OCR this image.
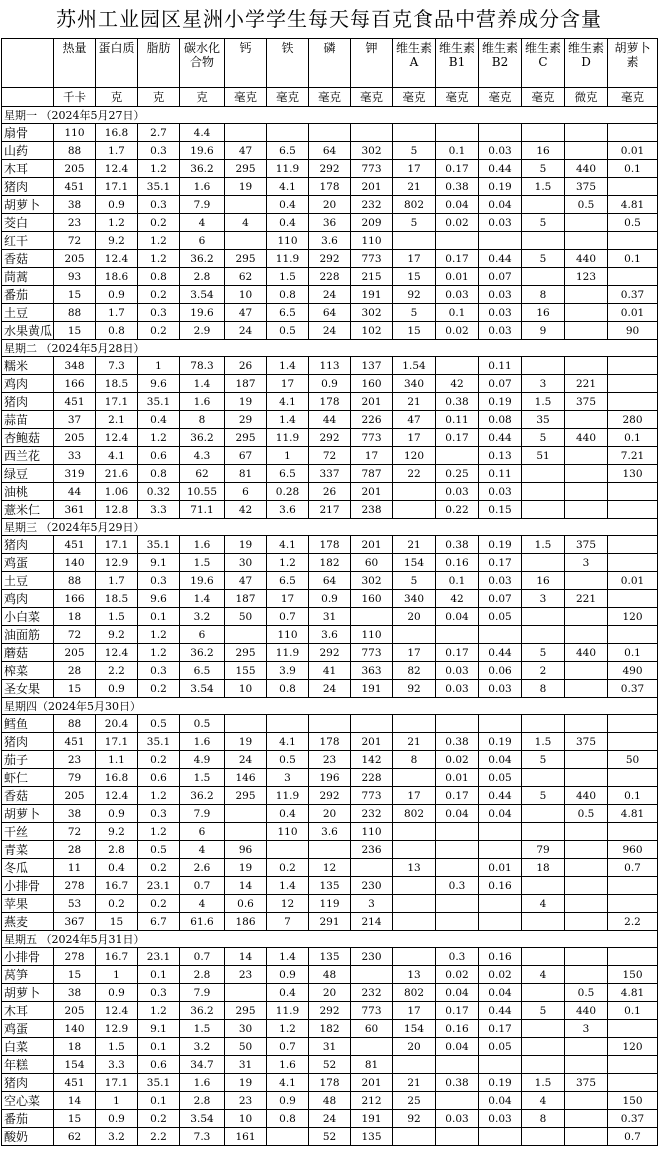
苏州工业园区星洲小学学生每天每百克食品中营养成分含量
	热量	蛋白质	脂肪	碳水化合物	钙	铁	磷	钾	维生素A	维生素B1	维生素B2	维生素C	维生素D	胡萝卜素
	千卡	克	克	克	毫克	毫克	毫克	毫克	毫克	毫克	毫克	毫克	微克	毫克
星期一 （2024年5月27日）														
扇骨	110	16.8	2.7	4.4										
山药	88	1.7	0.3	19.6	47	6.5	64	302	5	0.1	0.03	16		0.01
木耳	205	12.4	1.2	36.2	295	11.9	292	773	17	0.17	0.44	5	440	0.1
猪肉	451	17.1	35.1	1.6	19	4.1	178	201	21	0.38	0.19	1.5	375	
胡萝卜	38	0.9	0.3	7.9		0.4	20	232	802	0.04	0.04		0.5	4.81
茭白	23	1.2	0.2	4	4	0.4	36	209	5	0.02	0.03	5		0.5
红干	72	9.2	1.2	6		110	3.6	110						
香菇	205	12.4	1.2	36.2	295	11.9	292	773	17	0.17	0.44	5	440	0.1
茼蒿	93	18.6	0.8	2.8	62	1.5	228	215	15	0.01	0.07		123	
番茄	15	0.9	0.2	3.54	10	0.8	24	191	92	0.03	0.03	8		0.37
土豆	88	1.7	0.3	19.6	47	6.5	64	302	5	0.1	0.03	16		0.01
水果黄瓜	15	0.8	0.2	2.9	24	0.5	24	102	15	0.02	0.03	9		90
星期二 （2024年5月28日）														
糯米	348	7.3	1	78.3	26	1.4	113	137	1.54		0.11			
鸡肉	166	18.5	9.6	1.4	187	17	0.9	160	340	42	0.07	3	221	
猪肉	451	17.1	35.1	1.6	19	4.1	178	201	21	0.38	0.19	1.5	375	
蒜苗	37	2.1	0.4	8	29	1.4	44	226	47	0.11	0.08	35		280
杏鲍菇	205	12.4	1.2	36.2	295	11.9	292	773	17	0.17	0.44	5	440	0.1
西兰花	33	4.1	0.6	4.3	67	1	72	17	120		0.13	51		7.21
绿豆	319	21.6	0.8	62	81	6.5	337	787	22	0.25	0.11			130
油桃	44	1.06	0.32	10.55	6	0.28	26	201		0.03	0.03			
薏米仁	361	12.8	3.3	71.1	42	3.6	217	238		0.22	0.15			
星期三 （2024年5月29日）														
猪肉	451	17.1	35.1	1.6	19	4.1	178	201	21	0.38	0.19	1.5	375	
鸡蛋	140	12.9	9.1	1.5	30	1.2	182	60	154	0.16	0.17		3	
土豆	88	1.7	0.3	19.6	47	6.5	64	302	5	0.1	0.03	16		0.01
鸡肉	166	18.5	9.6	1.4	187	17	0.9	160	340	42	0.07	3	221	
小白菜	18	1.5	0.1	3.2	50	0.7	31		20	0.04	0.05			120
油面筋	72	9.2	1.2	6		110	3.6	110						
蘑菇	205	12.4	1.2	36.2	295	11.9	292	773	17	0.17	0.44	5	440	0.1
榨菜	28	2.2	0.3	6.5	155	3.9	41	363	82	0.03	0.06	2		490
圣女果	15	0.9	0.2	3.54	10	0.8	24	191	92	0.03	0.03	8		0.37
星期四（2024年5月30日）														
鳕鱼	88	20.4	0.5	0.5										
猪肉	451	17.1	35.1	1.6	19	4.1	178	201	21	0.38	0.19	1.5	375	
茄子	23	1.1	0.2	4.9	24	0.5	23	142	8	0.02	0.04	5		50
虾仁	79	16.8	0.6	1.5	146	3	196	228		0.01	0.05			
香菇	205	12.4	1.2	36.2	295	11.9	292	773	17	0.17	0.44	5	440	0.1
胡萝卜	38	0.9	0.3	7.9		0.4	20	232	802	0.04	0.04		0.5	4.81
干丝	72	9.2	1.2	6		110	3.6	110						
青菜	28	2.8	0.5	4	96			236				79		960
冬瓜	11	0.4	0.2	2.6	19	0.2	12		13		0.01	18		0.7
小排骨	278	16.7	23.1	0.7	14	1.4	135	230		0.3	0.16			
苹果	53	0.2	0.2	4	0.6	12	119	3				4		
燕麦	367	15	6.7	61.6	186	7	291	214						2.2
星期五 （2024年5月31日）														
小排骨	278	16.7	23.1	0.7	14	1.4	135	230		0.3	0.16			
莴笋	15	1	0.1	2.8	23	0.9	48		13	0.02	0.02	4		150
胡萝卜	38	0.9	0.3	7.9		0.4	20	232	802	0.04	0.04		0.5	4.81
木耳	205	12.4	1.2	36.2	295	11.9	292	773	17	0.17	0.44	5	440	0.1
鸡蛋	140	12.9	9.1	1.5	30	1.2	182	60	154	0.16	0.17		3	
白菜	18	1.5	0.1	3.2	50	0.7	31		20	0.04	0.05			120
年糕	154	3.3	0.6	34.7	31	1.6	52	81						
猪肉	451	17.1	35.1	1.6	19	4.1	178	201	21	0.38	0.19	1.5	375	
空心菜	14	1	0.1	2.8	23	0.9	48	212	25		0.04	4		150
番茄	15	0.9	0.2	3.54	10	0.8	24	191	92	0.03	0.03	8		0.37
酸奶	62	3.2	2.2	7.3	161		52	135						0.7
